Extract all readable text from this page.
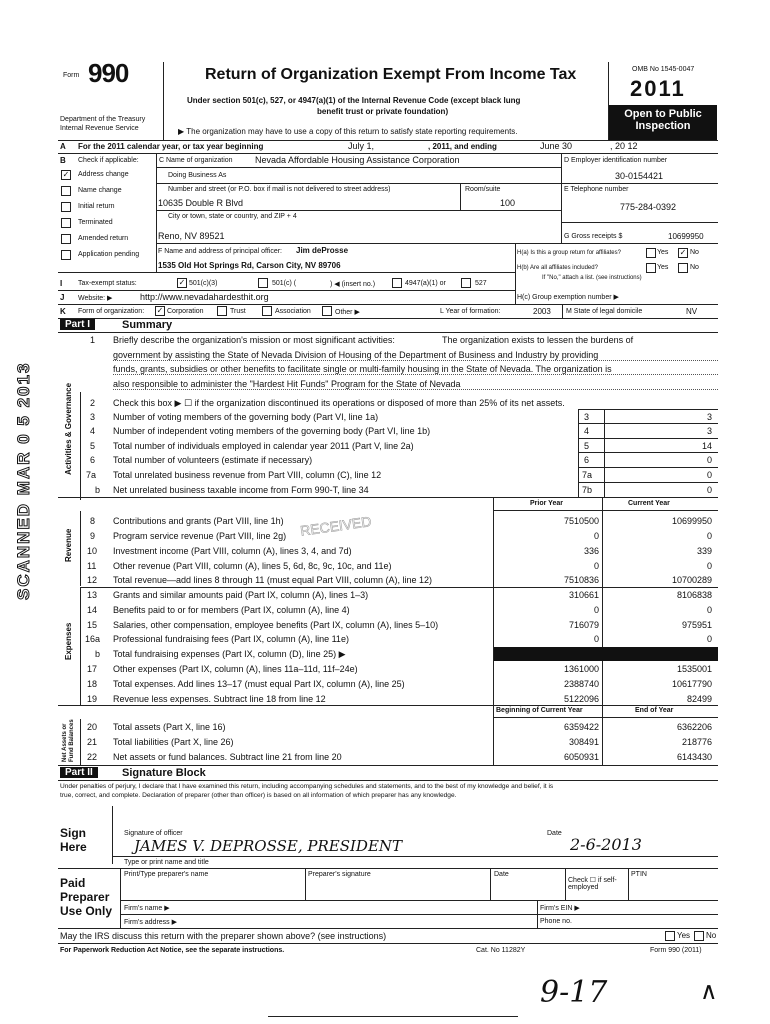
Form 990
Department of the Treasury
Internal Revenue Service
Return of Organization Exempt From Income Tax
Under section 501(c), 527, or 4947(a)(1) of the Internal Revenue Code (except black lung
benefit trust or private foundation)
▶ The organization may have to use a copy of this return to satisfy state reporting requirements.
OMB No 1545-0047
2011
Open to Public
Inspection
A For the 2011 calendar year, or tax year beginning	July 1,	, 2011, and ending	June 30	, 20 12
B Check if applicable:
✓ Address change
Name change
Initial return
Terminated
Amended return
Application pending
C Name of organization Nevada Affordable Housing Assistance Corporation
Doing Business As
Number and street (or P.O. box if mail is not delivered to street address)	Room/suite
10635 Double R Blvd	100
City or town, state or country, and ZIP + 4
Reno, NV 89521
F Name and address of principal officer: Jim deProsse
1535 Old Hot Springs Rd, Carson City, NV 89706
D Employer identification number
30-0154421
E Telephone number
775-284-0392
G Gross receipts $	10699950
H(a) Is this a group return for affiliates?	Yes ✓ No
H(b) Are all affiliates included?	Yes	No
If "No," attach a list. (see instructions)
I Tax-exempt status:	✓ 501(c)(3)	501(c) (	) ◀ (insert no.)	4947(a)(1) or	527
J Website: ▶	http://www.nevadahardesthit.org	H(c) Group exemption number ▶
K Form of organization: ✓ Corporation	Trust	Association	Other ▶	L Year of formation:	2003 M State of legal domicile	NV
Part I	Summary
1 Briefly describe the organization's mission or most significant activities:	The organization exists to lessen the burdens of
government by assisting the State of Nevada Division of Housing of the Department of Business and Industry by providing
funds, grants, subsidies or other benefits to facilitate single or multi-family housing in the State of Nevada. The organization is
also responsible to administer the "Hardest Hit Funds" Program for the State of Nevada
Activities & Governance
Revenue
Expenses
Net Assets or Fund Balances
2 Check this box ▶ ☐ if the organization discontinued its operations or disposed of more than 25% of its net assets.
3 Number of voting members of the governing body (Part VI, line 1a)	3	3
4 Number of independent voting members of the governing body (Part VI, line 1b)	4	3
5 Total number of individuals employed in calendar year 2011 (Part V, line 2a)	5	14
6 Total number of volunteers (estimate if necessary)	6	0
7a Total unrelated business revenue from Part VIII, column (C), line 12	7a	0
b Net unrelated business taxable income from Form 990-T, line 34	7b	0
Prior Year	Current Year
8 Contributions and grants (Part VIII, line 1h)	7510500	10699950
9 Program service revenue (Part VIII, line 2g)	0	0
10 Investment income (Part VIII, column (A), lines 3, 4, and 7d)	336	339
11 Other revenue (Part VIII, column (A), lines 5, 6d, 8c, 9c, 10c, and 11e)	0	0
12 Total revenue—add lines 8 through 11 (must equal Part VIII, column (A), line 12)	7510836	10700289
13 Grants and similar amounts paid (Part IX, column (A), lines 1–3)	310661	8106838
14 Benefits paid to or for members (Part IX, column (A), line 4)	0	0
15 Salaries, other compensation, employee benefits (Part IX, column (A), lines 5–10)	716079	975951
16a Professional fundraising fees (Part IX, column (A), line 11e)	0	0
b Total fundraising expenses (Part IX, column (D), line 25) ▶
17 Other expenses (Part IX, column (A), lines 11a–11d, 11f–24e)	1361000	1535001
18 Total expenses. Add lines 13–17 (must equal Part IX, column (A), line 25)	2388740	10617790
19 Revenue less expenses. Subtract line 18 from line 12	5122096	82499
Beginning of Current Year	End of Year
20 Total assets (Part X, line 16)	6359422	6362206
21 Total liabilities (Part X, line 26)	308491	218776
22 Net assets or fund balances. Subtract line 21 from line 20	6050931	6143430
Part II	Signature Block
Under penalties of perjury, I declare that I have examined this return, including accompanying schedules and statements, and to the best of my knowledge and belief, it is
true, correct, and complete. Declaration of preparer (other than officer) is based on all information of which preparer has any knowledge.
Sign
Here
Signature of officer	Date
JAMES V. DEPROSSE, PRESIDENT	2-6-2013
Type or print name and title
Paid
Preparer
Use Only
Print/Type preparer's name	Preparer's signature	Date
Check ☐ if self-employed
PTIN
Firm's name ▶	Firm's EIN ▶
Firm's address ▶	Phone no.
May the IRS discuss this return with the preparer shown above? (see instructions)	Yes No
For Paperwork Reduction Act Notice, see the separate instructions.	Cat. No 11282Y	Form 990 (2011)
SCANNED MAR 0 5 2013	RECEIVED
9-17	∧
